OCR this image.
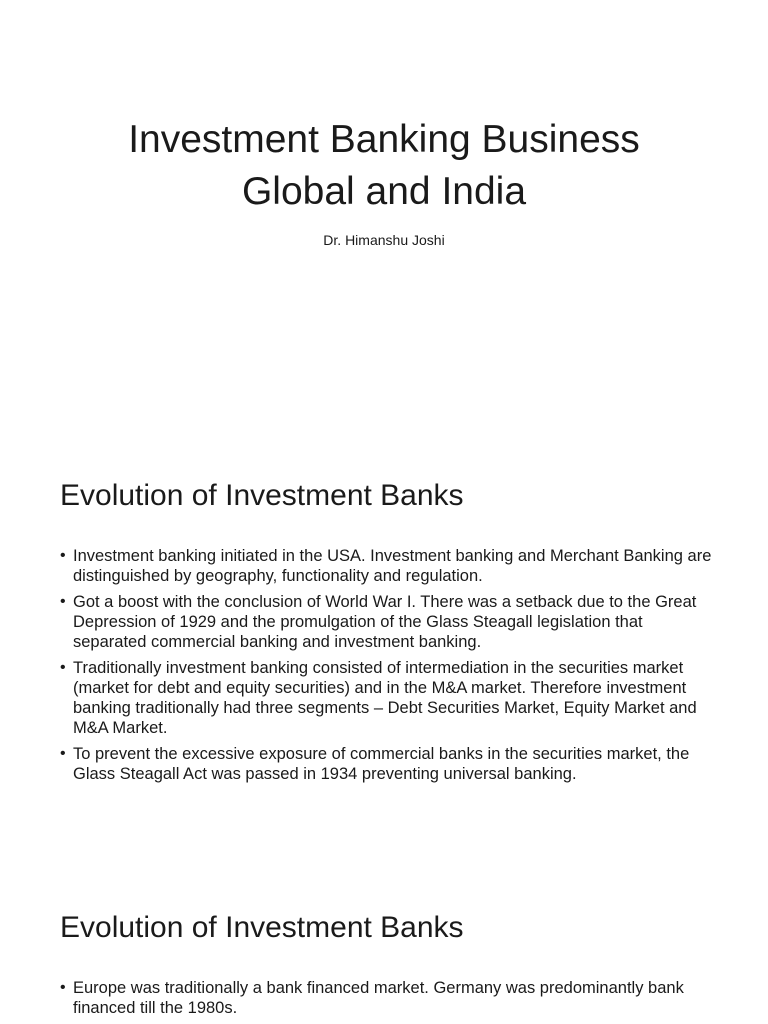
Investment Banking Business
Global and India

Dr. Himanshu Joshi

Evolution of Investment Banks
• Investment banking initiated in the USA. Investment banking and Merchant Banking are distinguished by geography, functionality and regulation.
• Got a boost with the conclusion of World War I. There was a setback due to the Great Depression of 1929 and the promulgation of the Glass Steagall legislation that separated commercial banking and investment banking.
• Traditionally investment banking consisted of intermediation in the securities market (market for debt and equity securities) and in the M&A market. Therefore investment banking traditionally had three segments – Debt Securities Market, Equity Market and M&A Market.
• To prevent the excessive exposure of commercial banks in the securities market, the Glass Steagall Act was passed in 1934 preventing universal banking.
Evolution of Investment Banks
• Europe was traditionally a bank financed market. Germany was predominantly bank financed till the 1980s.
